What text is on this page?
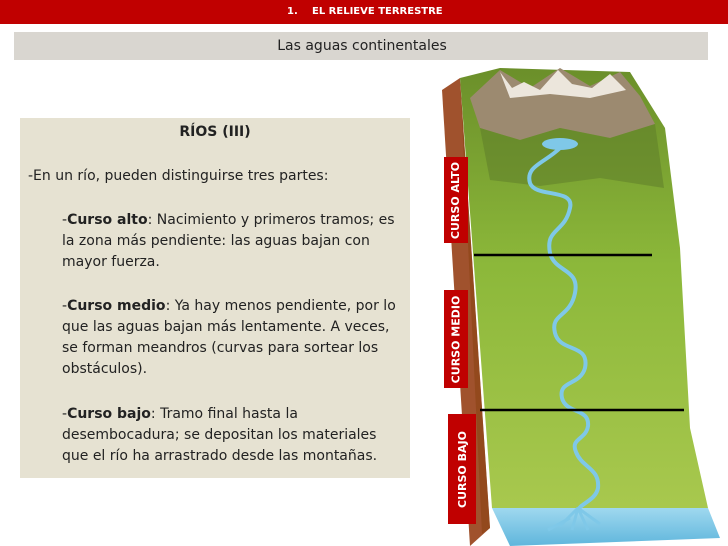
1. EL RELIEVE TERRESTRE
Las aguas continentales
RÍOS (III)
-En un río, pueden distinguirse tres partes:
-Curso alto: Nacimiento y primeros tramos; es la zona más pendiente: las aguas bajan con mayor fuerza.
-Curso medio: Ya hay menos pendiente, por lo que las aguas bajan más lentamente. A veces, se forman meandros (curvas para sortear los obstáculos).
-Curso bajo: Tramo final hasta la desembocadura; se depositan los materiales que el río ha arrastrado desde las montañas.
CURSO ALTO
CURSO MEDIO
CURSO BAJO
